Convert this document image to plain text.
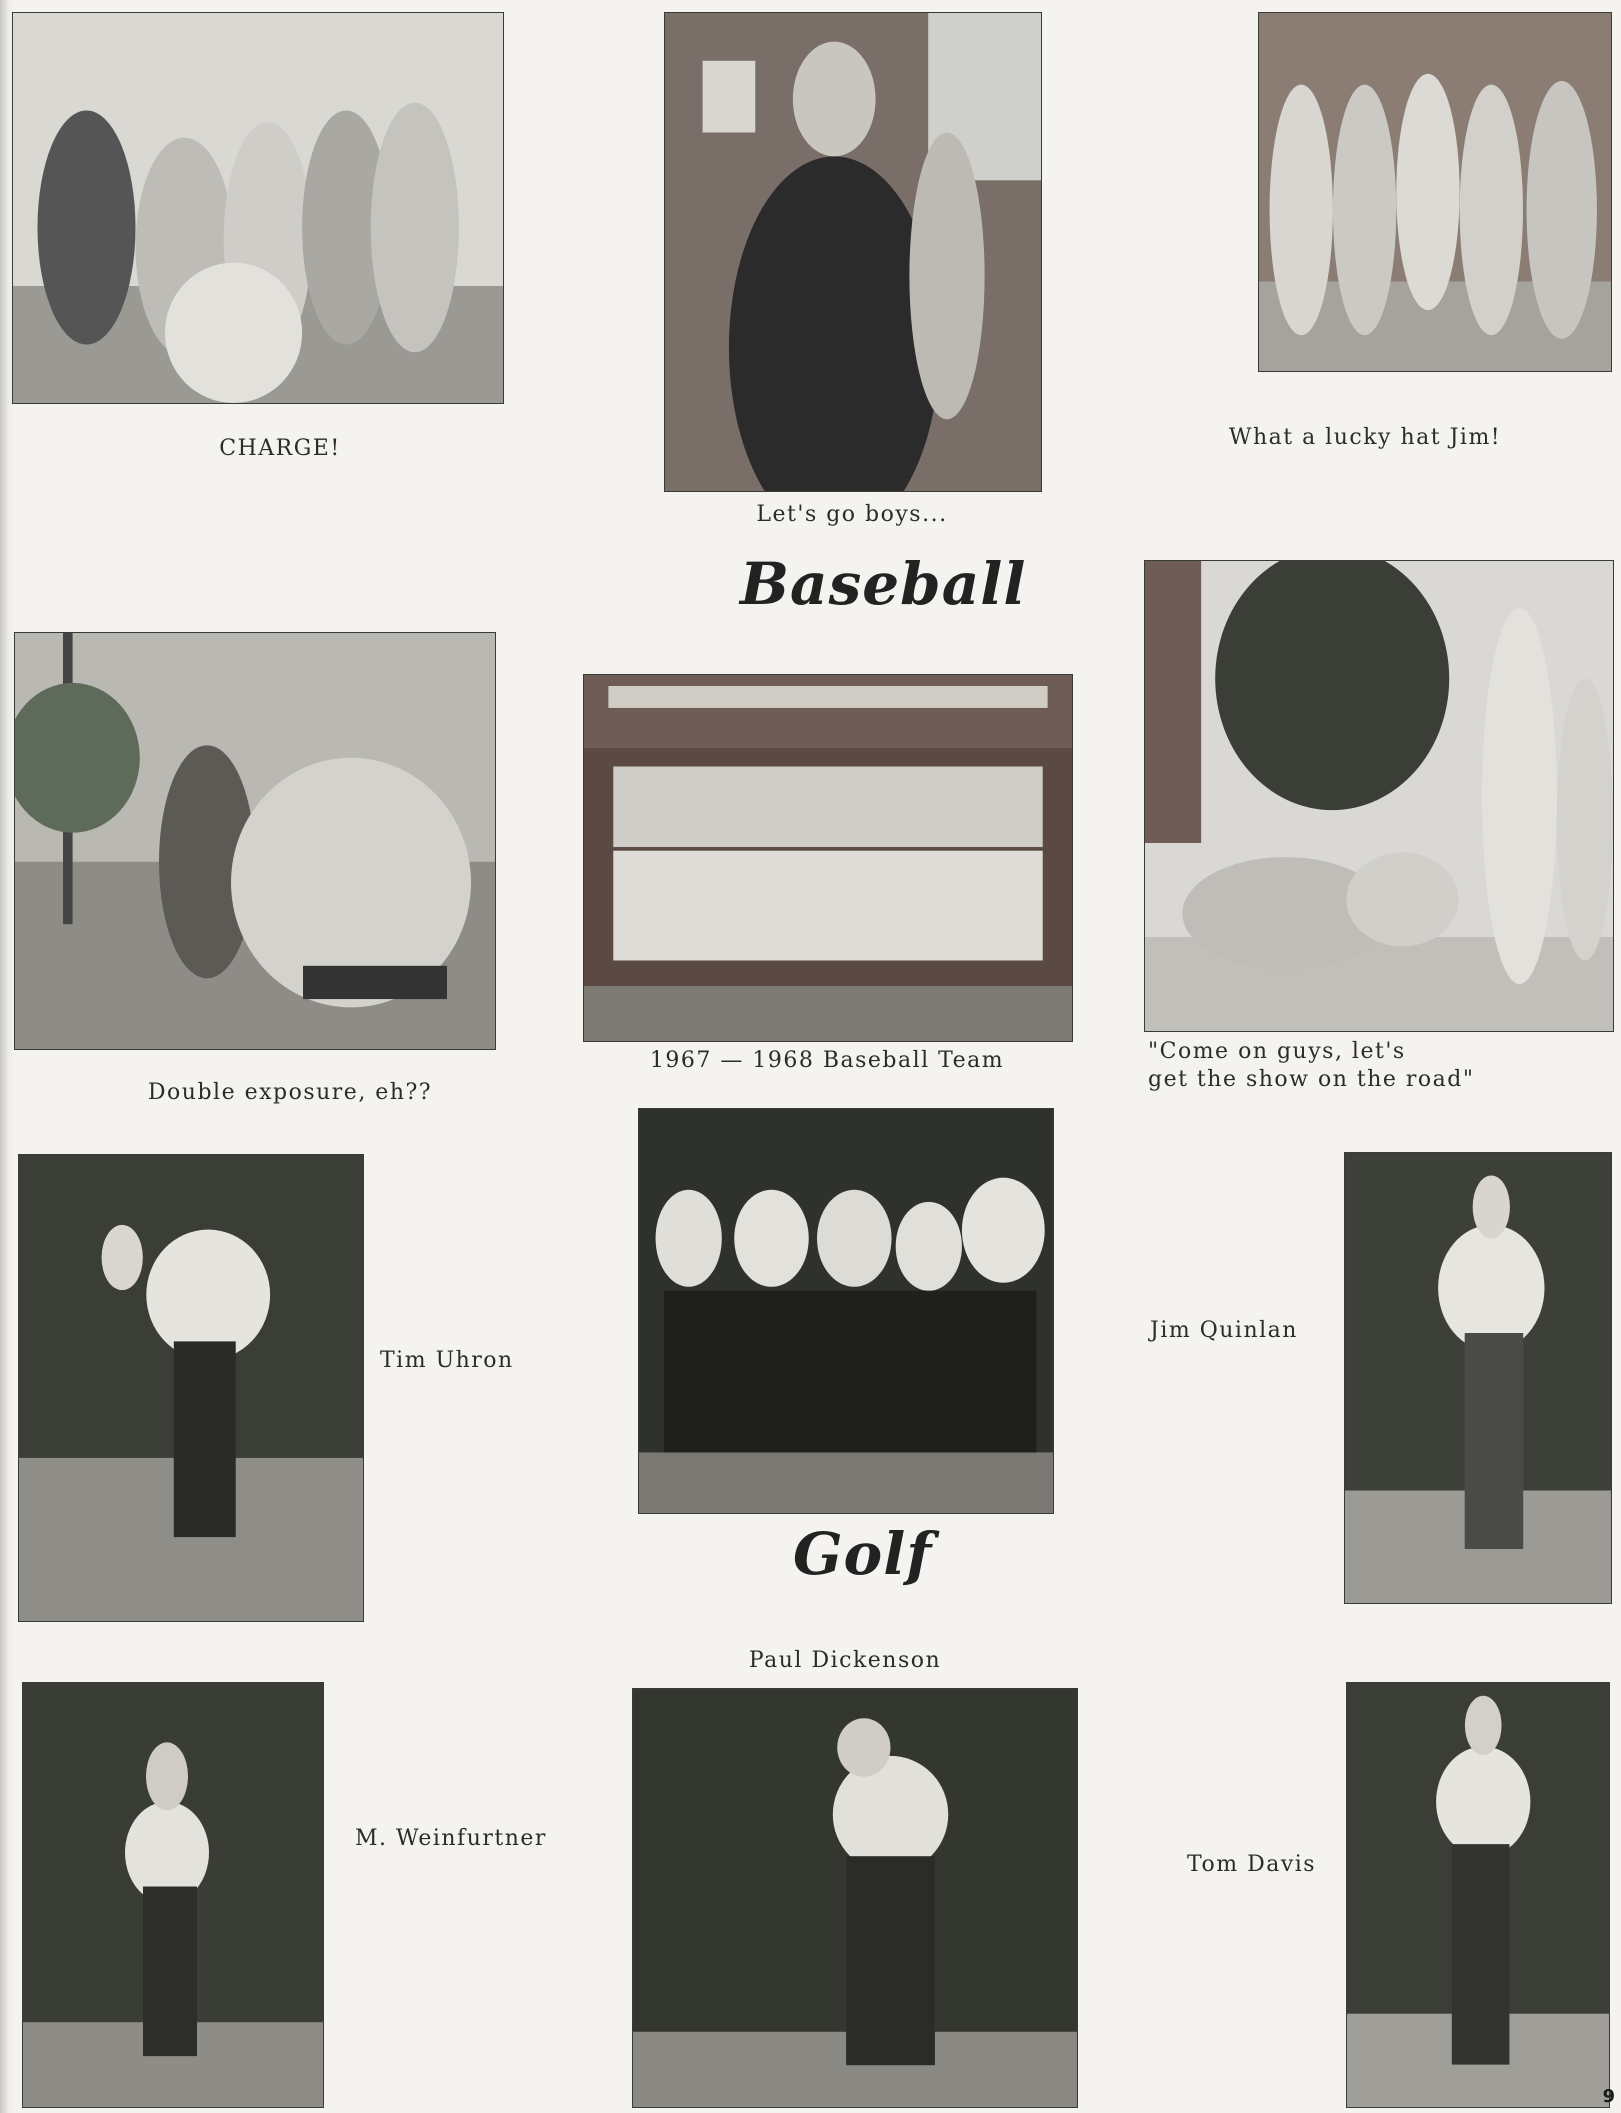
CHARGE!
Let's go boys...
What a lucky hat Jim!
Baseball
Double exposure, eh??
1967 — 1968 Baseball Team	"Come on guys, let's
get the show on the road"
Tim Uhron
Golf
Jim Quinlan
Paul Dickenson
M. Weinfurtner
Tom Davis
9
